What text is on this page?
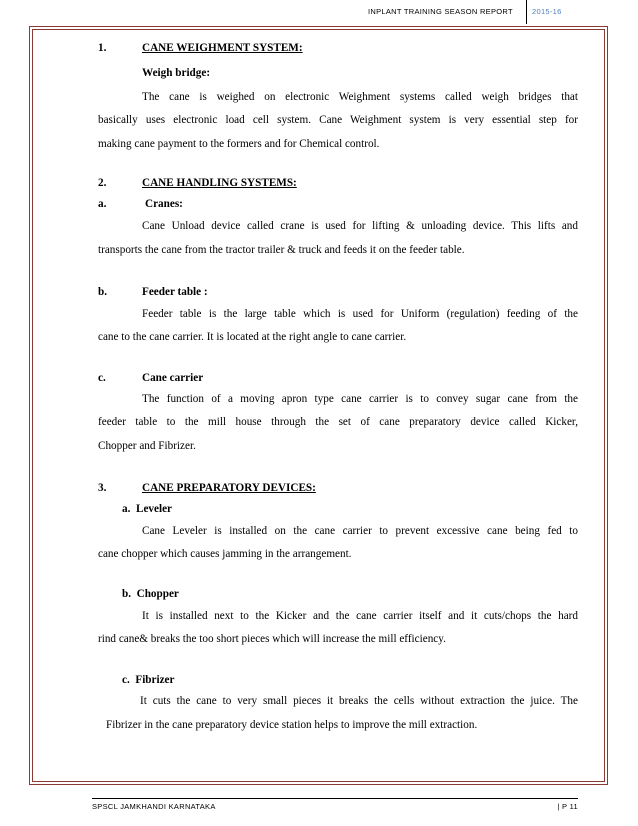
INPLANT TRAINING SEASON REPORT	2015-16
1.	CANE WEIGHMENT SYSTEM:
Weigh bridge:
The cane is weighed on electronic Weighment systems called weigh bridges that
basically uses electronic load cell system. Cane Weighment system is very essential step for
making cane payment to the formers and for Chemical control.
2.	CANE HANDLING SYSTEMS:
a.	Cranes:
Cane Unload device called crane is used for lifting & unloading device. This lifts and
transports the cane from the tractor trailer & truck and feeds it on the feeder table.
b.	Feeder table :
Feeder table is the large table which is used for Uniform (regulation) feeding of the
cane to the cane carrier. It is located at the right angle to cane carrier.
c.	Cane carrier
The function of a moving apron type cane carrier is to convey sugar cane from the
feeder table to the mill house through the set of cane preparatory device called Kicker,
Chopper and Fibrizer.
3.	CANE PREPARATORY DEVICES:
a.  Leveler
Cane Leveler is installed on the cane carrier to prevent excessive cane being fed to
cane chopper which causes jamming in the arrangement.
b.  Chopper
It is installed next to the Kicker and the cane carrier itself and it cuts/chops the hard
rind cane& breaks the too short pieces which will increase the mill efficiency.
c.  Fibrizer
It cuts the cane to very small pieces it breaks the cells without extraction the juice. The
Fibrizer in the cane preparatory device station helps to improve the mill extraction.
SPSCL JAMKHANDI KARNATAKA	| P 11
